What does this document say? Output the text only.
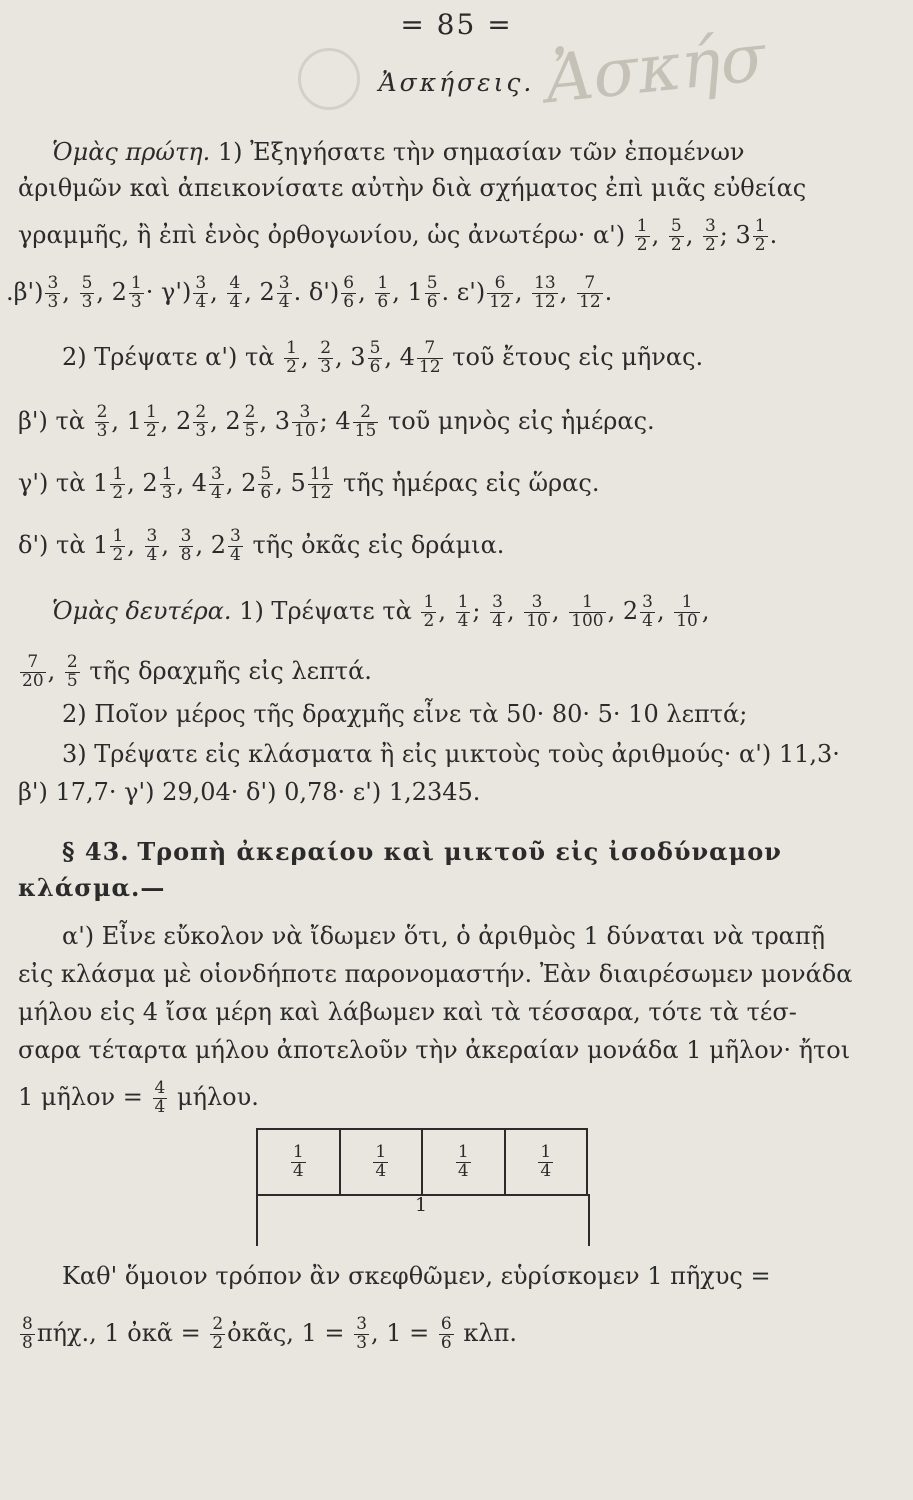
= 85 = Ἀσκήσ
Ἀσκήσεις.
Ὁμὰς πρώτη. 1) Ἐξηγήσατε τὴν σημασίαν τῶν ἑπομένων
ἀριθμῶν καὶ ἀπεικονίσατε αὐτὴν διὰ σχήματος ἐπὶ μιᾶς εὐθείας
γραμμῆς, ἢ ἐπὶ ἑνὸς ὀρθογωνίου, ὡς ἀνωτέρω· $\alpha') \frac{1}{2}$ , $\frac{5}{2}$ , $\frac{3}{2}$ ; $3 \frac{1}{2}$ .
$.\beta') \frac{3}{3}$ , $\frac{5}{3}$ , $2 \frac{1}{3} \cdot \gamma') \frac{3}{4}$ , $\frac{4}{4}$ , $2 \frac{3}{4}$ . $\delta') \frac{6}{6}$ , $\frac{1}{6}$ , $1 \frac{5}{6}$ . $\varepsilon') \frac{6}{12}$ , $\frac{13}{12}$ , $\frac{7}{12}$ .
2) Τρέψατε α') τὰ $\frac{1}{2}$ , $\frac{2}{3}$ , $3 \frac{5}{6}$ , $4 \frac{7}{12}$ τοῦ ἔτους εἰς μῆνας.
β') τὰ $\frac{2}{3}$ , $1 \frac{1}{2}$ , $2 \frac{2}{3}$ , $2 \frac{2}{5}$ , $3 \frac{3}{10}$ ; $4 \frac{2}{15}$ τοῦ μηνὸς εἰς ἡμέρας.
γ') τὰ $1 \frac{1}{2}$ , $2 \frac{1}{3}$ , $4 \frac{3}{4}$ , $2 \frac{5}{6}$ , $5 \frac{11}{12}$ τῆς ἡμέρας εἰς ὥρας.
δ') τὰ $1 \frac{1}{2}$ , $\frac{3}{4}$ , $\frac{3}{8}$ , $2 \frac{3}{4}$ τῆς ὀκᾶς εἰς δράμια.
Ὁμὰς δευτέρα. 1) Τρέψατε τὰ $\frac{1}{2}$ , $\frac{1}{4}$ ; $\frac{3}{4}$ , $\frac{3}{10}$ , $\frac{1}{100}$ , $2 \frac{3}{4}$ , $\frac{1}{10}$ ,
$\frac{7}{20}$ , $\frac{2}{5}$ τῆς δραχμῆς εἰς λεπτά.
2) Ποῖον μέρος τῆς δραχμῆς εἶνε τὰ 50· 80· 5· 10 λεπτά;
3) Τρέψατε εἰς κλάσματα ἢ εἰς μικτοὺς τοὺς ἀριθμούς· α') 11,3·
β') 17,7· γ') 29,04· δ') 0,78· ε') 1,2345.
§ 43. Τροπὴ ἀκεραίου καὶ μικτοῦ εἰς ἰσοδύναμον
κλάσμα.—
α') Εἶνε εὔκολον νὰ ἴδωμεν ὅτι, ὁ ἀριθμὸς 1 δύναται νὰ τραπῇ
εἰς κλάσμα μὲ οἱονδήποτε παρονομαστήν. Ἐὰν διαιρέσωμεν μονάδα
μήλου εἰς 4 ἴσα μέρη καὶ λάβωμεν καὶ τὰ τέσσαρα, τότε τὰ τέσ-
σαρα τέταρτα μήλου ἀποτελοῦν τὴν ἀκεραίαν μονάδα 1 μῆλον· ἤτοι
1 μῆλον = $\frac{4}{4} \mu ή\lambda o\upsilon$.
$\frac{1}{4}$	$\frac{1}{4}$	$\frac{1}{4}$	$\frac{1}{4}$
1
Καθ' ὅμοιον τρόπον ἂν σκεφθῶμεν, εὑρίσκομεν 1 πῆχυς =
$\frac{8}{8} \pi ή\chi$., 1 ὀκᾶ = $\frac{2}{2}$ ὀκᾶς, $1 = \frac{3}{3}$ , $1 = \frac{6}{6} \kappa\lambda\pi$.
